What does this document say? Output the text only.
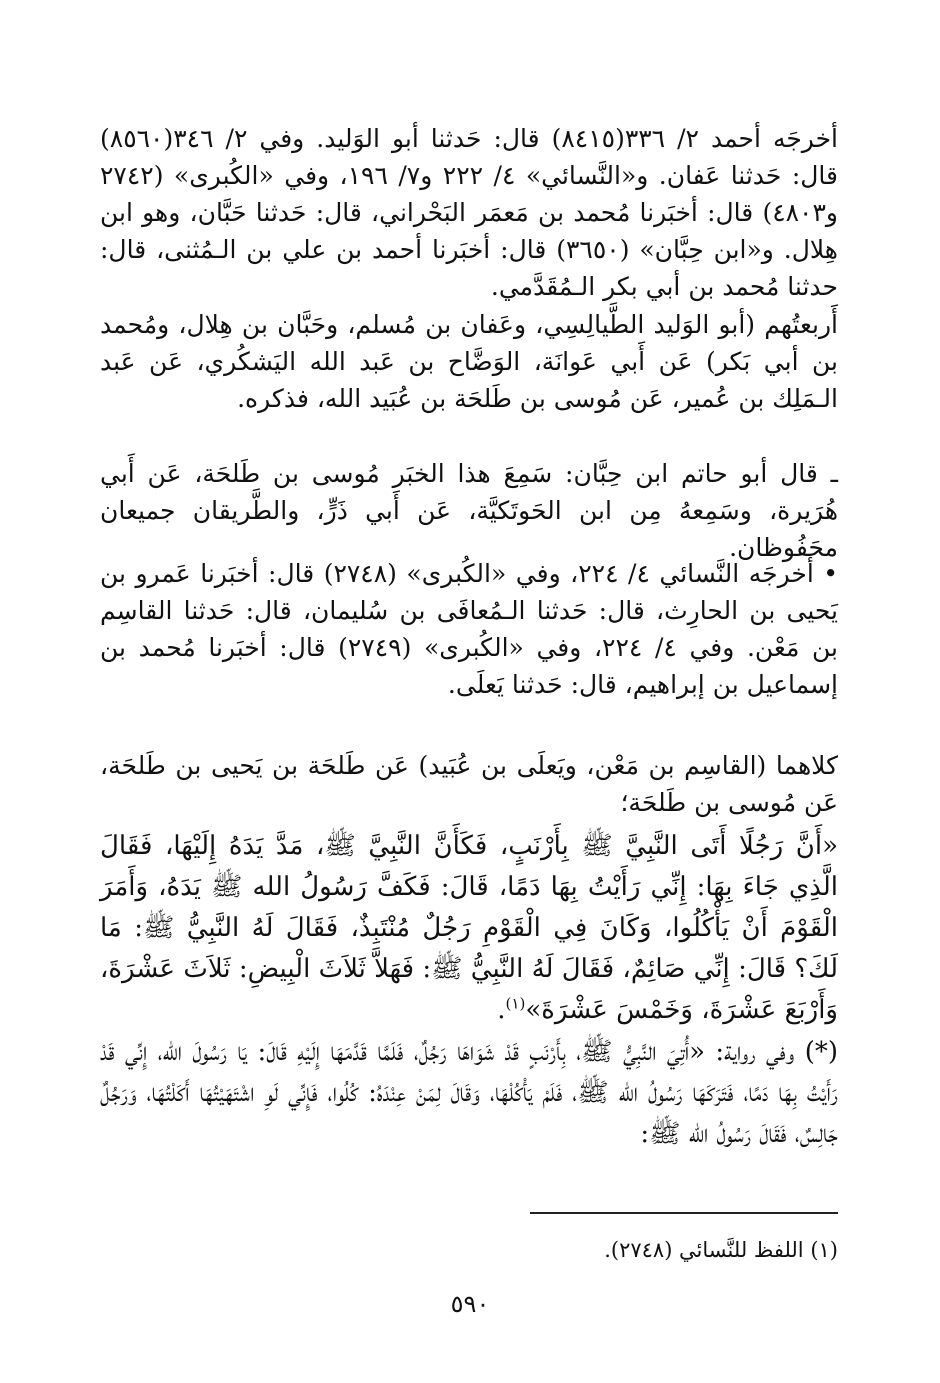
أخرجَه أحمد ٢/ ٣٣٦(٨٤١٥) قال: حَدثنا أبو الوَليد. وفي ٢/ ٣٤٦(٨٥٦٠) قال: حَدثنا عَفان. و«النَّسائي» ٤/ ٢٢٢ و٧/ ١٩٦، وفي «الكُبرى» (٢٧٤٢ و٤٨٠٣) قال: أخبَرنا مُحمد بن مَعمَر البَحْراني، قال: حَدثنا حَبَّان، وهو ابن هِلال. و«ابن حِبَّان» (٣٦٥٠) قال: أخبَرنا أحمد بن علي بن الـمُثنى، قال: حدثنا مُحمد بن أبي بكر الـمُقَدَّمي.
أَربعتُهم (أبو الوَليد الطَّيالِسِي، وعَفان بن مُسلم، وحَبَّان بن هِلال، ومُحمد بن أبي بَكر) عَن أَبي عَوانَة، الوَضَّاح بن عَبد الله اليَشكُري، عَن عَبد الـمَلِك بن عُمير، عَن مُوسى بن طَلحَة بن عُبَيد الله، فذكره.
ـ قال أبو حاتم ابن حِبَّان: سَمِعَ هذا الخبَر مُوسى بن طَلحَة، عَن أَبي هُرَيرة، وسَمِعهُ مِن ابن الحَوتَكيَّة، عَن أَبي ذَرٍّ، والطَّريقان جميعان محَفُوظان.
• أخرجَه النَّسائي ٤/ ٢٢٤، وفي «الكُبرى» (٢٧٤٨) قال: أخبَرنا عَمرو بن يَحيى بن الحارِث، قال: حَدثنا الـمُعافَى بن سُليمان، قال: حَدثنا القاسِم بن مَعْن. وفي ٤/ ٢٢٤، وفي «الكُبرى» (٢٧٤٩) قال: أخبَرنا مُحمد بن إسماعيل بن إبراهيم، قال: حَدثنا يَعلَى.
كلاهما (القاسِم بن مَعْن، ويَعلَى بن عُبَيد) عَن طَلحَة بن يَحيى بن طَلحَة، عَن مُوسى بن طَلحَة؛
«أَنَّ رَجُلًا أَتَى النَّبِيَّ ﷺ بِأَرْنَبٍ، فَكَأَنَّ النَّبِيَّ ﷺ، مَدَّ يَدَهُ إِلَيْهَا، فَقَالَ الَّذِي جَاءَ بِهَا: إِنِّي رَأَيْتُ بِهَا دَمًا، قَالَ: فَكَفَّ رَسُولُ الله ﷺ يَدَهُ، وَأَمَرَ الْقَوْمَ أَنْ يَأْكُلُوا، وَكَانَ فِي الْقَوْمِ رَجُلٌ مُنْتَبِذٌ، فَقَالَ لَهُ النَّبِيُّ ﷺ: مَا لَكَ؟ قَالَ: إِنِّي صَائِمٌ، فَقَالَ لَهُ النَّبِيُّ ﷺ: فَهَلاَّ ثَلاَثَ الْبِيضِ: ثَلاَثَ عَشْرَةَ، وَأَرْبَعَ عَشْرَةَ، وَخَمْسَ عَشْرَةَ»$^{(١)}$.
(*) وفي رواية: «أُتِيَ النَّبِيُّ ﷺ، بِأَرْنَبٍ قَدْ شَوَاهَا رَجُلٌ، فَلَمَّا قَدَّمَهَا إِلَيْهِ قَالَ: يَا رَسُولَ الله، إِنِّي قَدْ رَأَيْتُ بِهَا دَمًا، فَتَرَكَهَا رَسُولُ الله ﷺ، فَلَمْ يَأْكُلْهَا، وَقَالَ لِمَنْ عِنْدَهُ: كُلُوا، فَإِنِّي لَوِ اشْتَهَيْتُهَا أَكَلْتُهَا، وَرَجُلٌ جَالِسٌ، فَقَالَ رَسُولُ الله ﷺ:
(١) اللفظ للنَّسائي (٢٧٤٨).
٥٩٠
